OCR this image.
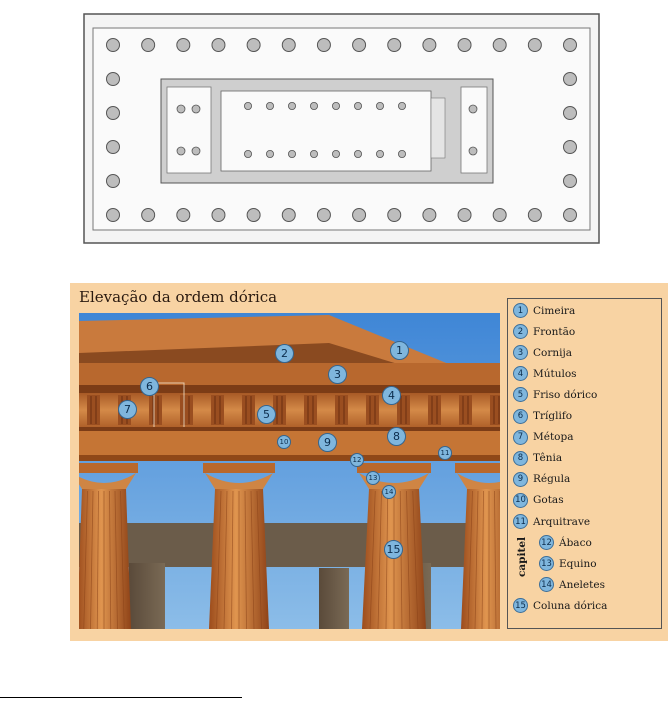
Elevação da ordem dórica
1
2
3
4
5
6
7
8
9
10
11
12
13
14
15
1 Cimeira
2 Frontão
3 Cornija
4 Mútulos
5 Friso dórico
6 Tríglifo
7 Métopa
8 Tênia
9 Régula
10 Gotas
11 Arquitrave
12 Ábaco
13 Equino
14 Aneletes
15 Coluna dórica
capitel
